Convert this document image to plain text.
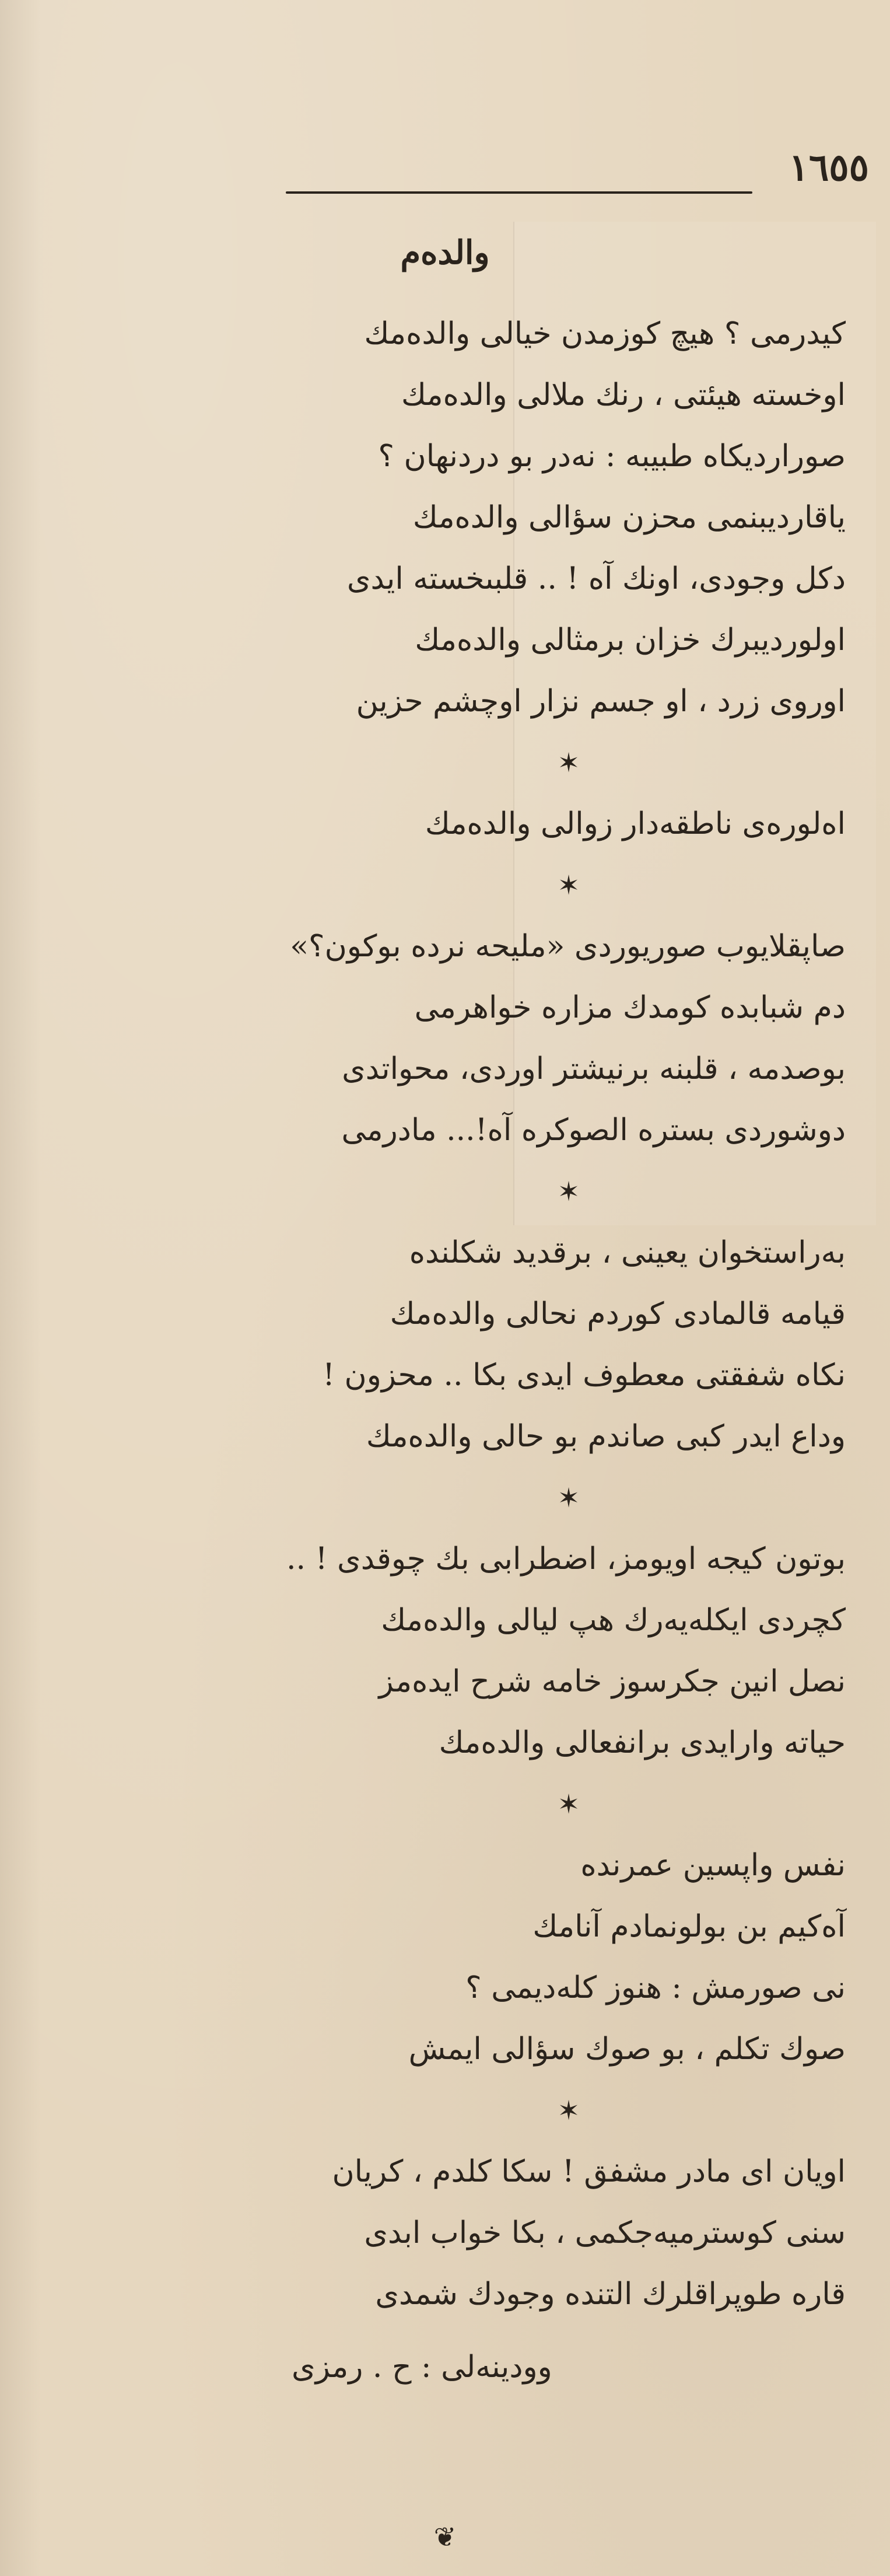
١٦٥٥
والدەم
كيدرمى ؟ هيچ كوزمدن خيالى والدەمك
اوخستە هيئتى ، رنك ملالى والدەمك
صورارديكاه طبيبە : نەدر بو دردنهان ؟
ياقارديبنمى محزن سؤالى والدەمك
دكل وجودى، اونك آه ! .. قلبىخستە ايدى
اولورديبرك خزان برمثالى والدەمك
اوروى زرد ، او جسم نزار اوچشم حزين
✶
اەلورەى ناطقەدار زوالى والدەمك
✶
صاپقلايوب صوريوردى «مليحە نردە بوكون؟»
دم شبابدە كومدك مزارە خواهرمى
بوصدمە ، قلبنە برنيشتر اوردى، محواتدى
دوشوردى بسترە الصوكرە آه!... مادرمى
✶
بەراستخوان يعينى ، برقديد شكلندە
قيامە قالمادى كوردم نحالى والدەمك
نكاه شفقتى معطوف ايدى بكا .. محزون !
وداع ايدر كبى صاندم بو حالى والدەمك
✶
بوتون كيجە اويومز، اضطرابى بك چوقدى ! ..
كچردى ايكلەيەرك هپ ليالى والدەمك
نصل انين جكرسوز خامە شرح ايدەمز
حياتە وارايدى برانفعالى والدەمك
✶
نفس واپسين عمرندە
آەكيم بن بولونمادم آنامك
نى صورمش : هنوز كلەديمى ؟
صوك تكلم ، بو صوك سؤالى ايمش
✶
اويان اى مادر مشفق ! سكا كلدم ، كريان
سنى كوسترميەجكمى ، بكا خواب ابدى
قارە طوپراقلرك التندە وجودك شمدى
وودينەلى : ح . رمزى
❦
